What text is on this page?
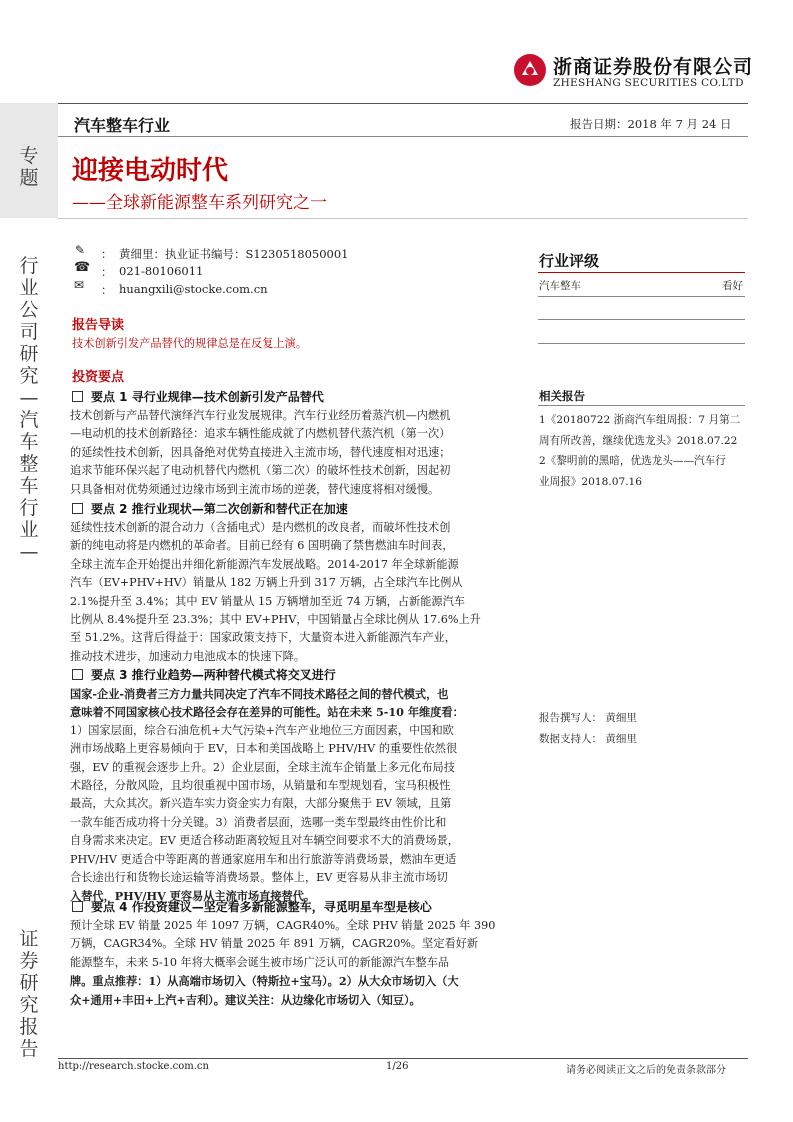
浙商证券股份有限公司
ZHESHANG SECURITIES CO.LTD
专
题
行
业
公
司
研
究
—
汽
车
整
车
行
业
—
证
券
研
究
报
告
汽车整车行业	报告日期：2018 年 7 月 24 日
迎接电动时代
——全球新能源整车系列研究之一
✎ ： 黄细里：执业证书编号：S1230518050001
☎ ： 021-80106011
✉ ： huangxili@stocke.com.cn
行业评级
汽车整车	看好
报告导读
技术创新引发产品替代的规律总是在反复上演。
投资要点
要点 1 寻行业规律—技术创新引发产品替代
技术创新与产品替代演绎汽车行业发展规律。汽车行业经历着蒸汽机—内燃机
—电动机的技术创新路径：追求车辆性能成就了内燃机替代蒸汽机（第一次）
的延续性技术创新，因具备绝对优势直接进入主流市场，替代速度相对迅速；
追求节能环保兴起了电动机替代内燃机（第二次）的破坏性技术创新，因起初
只具备相对优势须通过边缘市场到主流市场的逆袭，替代速度将相对缓慢。
要点 2 推行业现状—第二次创新和替代正在加速
延续性技术创新的混合动力（含插电式）是内燃机的改良者，而破坏性技术创
新的纯电动将是内燃机的革命者。目前已经有 6 国明确了禁售燃油车时间表，
全球主流车企开始提出并细化新能源汽车发展战略。2014-2017 年全球新能源
汽车（EV+PHV+HV）销量从 182 万辆上升到 317 万辆，占全球汽车比例从
2.1%提升至 3.4%；其中 EV 销量从 15 万辆增加至近 74 万辆，占新能源汽车
比例从 8.4%提升至 23.3%；其中 EV+PHV，中国销量占全球比例从 17.6%上升
至 51.2%。这背后得益于：国家政策支持下，大量资本进入新能源汽车产业，
推动技术进步，加速动力电池成本的快速下降。
要点 3 推行业趋势—两种替代模式将交叉进行
国家-企业-消费者三方力量共同决定了汽车不同技术路径之间的替代模式，也
意味着不同国家核心技术路径会存在差异的可能性。站在未来 5-10 年维度看：
1）国家层面，综合石油危机+大气污染+汽车产业地位三方面因素，中国和欧
洲市场战略上更容易倾向于 EV，日本和美国战略上 PHV/HV 的重要性依然很
强，EV 的重视会逐步上升。2）企业层面，全球主流车企销量上多元化布局技
术路径，分散风险，且均很重视中国市场，从销量和车型规划看，宝马积极性
最高，大众其次。新兴造车实力资金实力有限，大部分聚焦于 EV 领域，且第
一款车能否成功将十分关键。3）消费者层面，选哪一类车型最终由性价比和
自身需求来决定。EV 更适合移动距离较短且对车辆空间要求不大的消费场景，
PHV/HV 更适合中等距离的普通家庭用车和出行旅游等消费场景，燃油车更适
合长途出行和货物长途运输等消费场景。整体上，EV 更容易从非主流市场切
入替代，PHV/HV 更容易从主流市场直接替代。
要点 4 作投资建议—坚定看多新能源整车，寻觅明星车型是核心
预计全球 EV 销量 2025 年 1097 万辆，CAGR40%。全球 PHV 销量 2025 年 390
万辆，CAGR34%。全球 HV 销量 2025 年 891 万辆，CAGR20%。坚定看好新
能源整车，未来 5-10 年将大概率会诞生被市场广泛认可的新能源汽车整车品
牌。重点推荐：1）从高端市场切入（特斯拉+宝马）。2）从大众市场切入（大
众+通用+丰田+上汽+吉利）。建议关注：从边缘化市场切入（知豆）。
相关报告
1《20180722 浙商汽车组周报：7 月第二
周有所改善，继续优选龙头》2018.07.22
2《黎明前的黑暗，优选龙头——汽车行
业周报》2018.07.16
报告撰写人： 黄细里
数据支持人： 黄细里
http://research.stocke.com.cn	1/26	请务必阅读正文之后的免责条款部分
